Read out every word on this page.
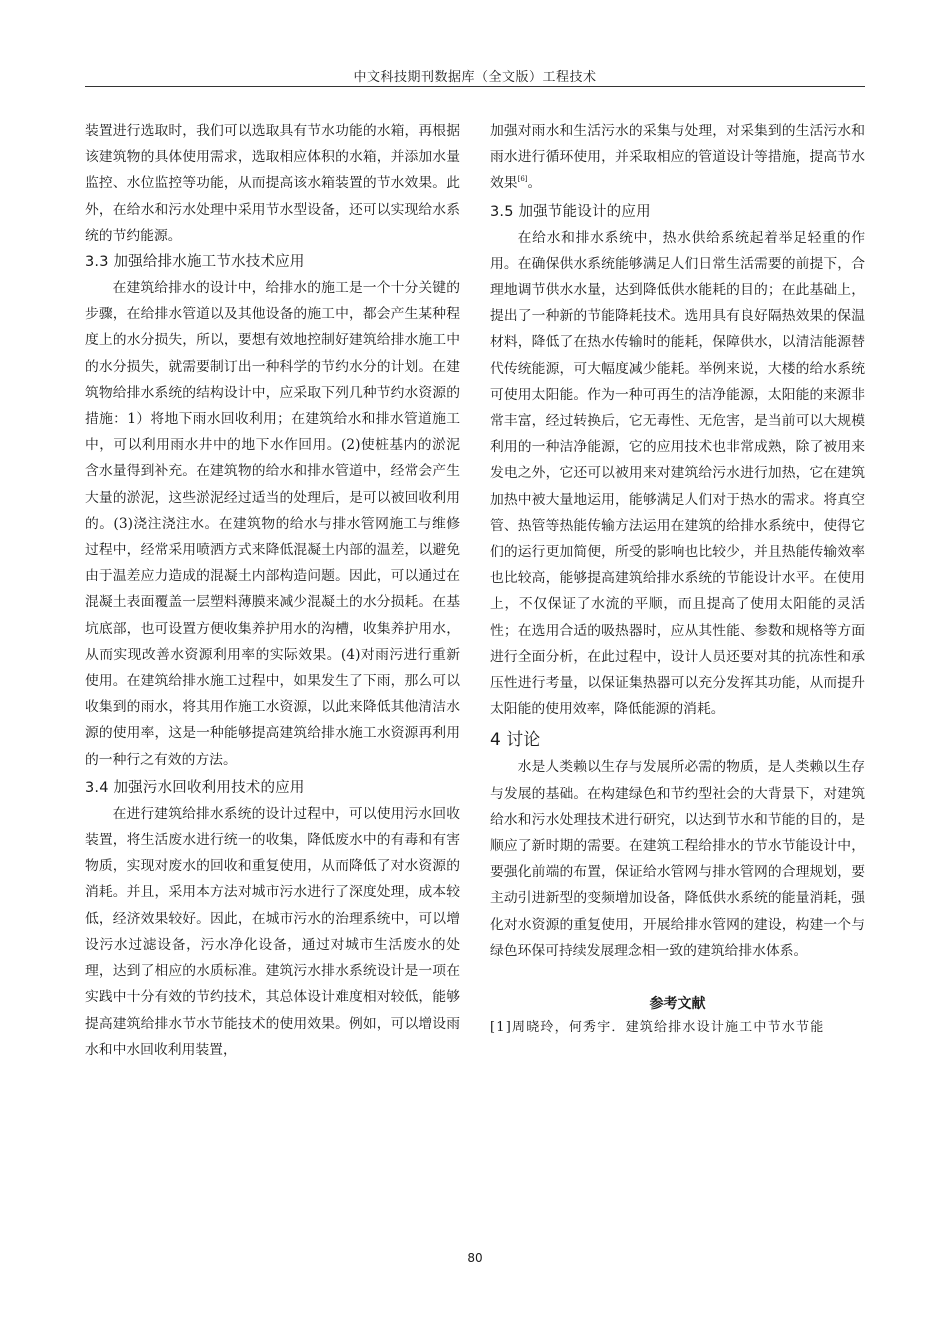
中文科技期刊数据库（全文版）工程技术

装置进行选取时，我们可以选取具有节水功能的水箱，再根据该建筑物的具体使用需求，选取相应体积的水箱，并添加水量监控、水位监控等功能，从而提高该水箱装置的节水效果。此外，在给水和污水处理中采用节水型设备，还可以实现给水系统的节约能源。

3.3 加强给排水施工节水技术应用

在建筑给排水的设计中，给排水的施工是一个十分关键的步骤，在给排水管道以及其他设备的施工中，都会产生某种程度上的水分损失，所以，要想有效地控制好建筑给排水施工中的水分损失，就需要制订出一种科学的节约水分的计划。在建筑物给排水系统的结构设计中，应采取下列几种节约水资源的措施：1）将地下雨水回收利用；在建筑给水和排水管道施工中，可以利用雨水井中的地下水作回用。(2)使桩基内的淤泥含水量得到补充。在建筑物的给水和排水管道中，经常会产生大量的淤泥，这些淤泥经过适当的处理后，是可以被回收利用的。(3)浇注浇注水。在建筑物的给水与排水管网施工与维修过程中，经常采用喷洒方式来降低混凝土内部的温差，以避免由于温差应力造成的混凝土内部构造问题。因此，可以通过在混凝土表面覆盖一层塑料薄膜来减少混凝土的水分损耗。在基坑底部，也可设置方便收集养护用水的沟槽，收集养护用水，从而实现改善水资源利用率的实际效果。(4)对雨污进行重新使用。在建筑给排水施工过程中，如果发生了下雨，那么可以收集到的雨水，将其用作施工水资源，以此来降低其他清洁水源的使用率，这是一种能够提高建筑给排水施工水资源再利用的一种行之有效的方法。

3.4 加强污水回收利用技术的应用

在进行建筑给排水系统的设计过程中，可以使用污水回收装置，将生活废水进行统一的收集，降低废水中的有毒和有害物质，实现对废水的回收和重复使用，从而降低了对水资源的消耗。并且，采用本方法对城市污水进行了深度处理，成本较低，经济效果较好。因此，在城市污水的治理系统中，可以增设污水过滤设备，污水净化设备，通过对城市生活废水的处理，达到了相应的水质标准。建筑污水排水系统设计是一项在实践中十分有效的节约技术，其总体设计难度相对较低，能够提高建筑给排水节水节能技术的使用效果。例如，可以增设雨水和中水回收利用装置，

加强对雨水和生活污水的采集与处理，对采集到的生活污水和雨水进行循环使用，并采取相应的管道设计等措施，提高节水效果[6]。

3.5 加强节能设计的应用

在给水和排水系统中，热水供给系统起着举足轻重的作用。在确保供水系统能够满足人们日常生活需要的前提下，合理地调节供水水量，达到降低供水能耗的目的；在此基础上，提出了一种新的节能降耗技术。选用具有良好隔热效果的保温材料，降低了在热水传输时的能耗，保障供水，以清洁能源替代传统能源，可大幅度减少能耗。举例来说，大楼的给水系统可使用太阳能。作为一种可再生的洁净能源，太阳能的来源非常丰富，经过转换后，它无毒性、无危害，是当前可以大规模利用的一种洁净能源，它的应用技术也非常成熟，除了被用来发电之外，它还可以被用来对建筑给污水进行加热，它在建筑加热中被大量地运用，能够满足人们对于热水的需求。将真空管、热管等热能传输方法运用在建筑的给排水系统中，使得它们的运行更加简便，所受的影响也比较少，并且热能传输效率也比较高，能够提高建筑给排水系统的节能设计水平。在使用上，不仅保证了水流的平顺，而且提高了使用太阳能的灵活性；在选用合适的吸热器时，应从其性能、参数和规格等方面进行全面分析，在此过程中，设计人员还要对其的抗冻性和承压性进行考量，以保证集热器可以充分发挥其功能，从而提升太阳能的使用效率，降低能源的消耗。

4 讨论

水是人类赖以生存与发展所必需的物质，是人类赖以生存与发展的基础。在构建绿色和节约型社会的大背景下，对建筑给水和污水处理技术进行研究，以达到节水和节能的目的，是顺应了新时期的需要。在建筑工程给排水的节水节能设计中，要强化前端的布置，保证给水管网与排水管网的合理规划，要主动引进新型的变频增加设备，降低供水系统的能量消耗，强化对水资源的重复使用，开展给排水管网的建设，构建一个与绿色环保可持续发展理念相一致的建筑给排水体系。

参考文献
[1]周晓玲，何秀宇．建筑给排水设计施工中节水节能
80
